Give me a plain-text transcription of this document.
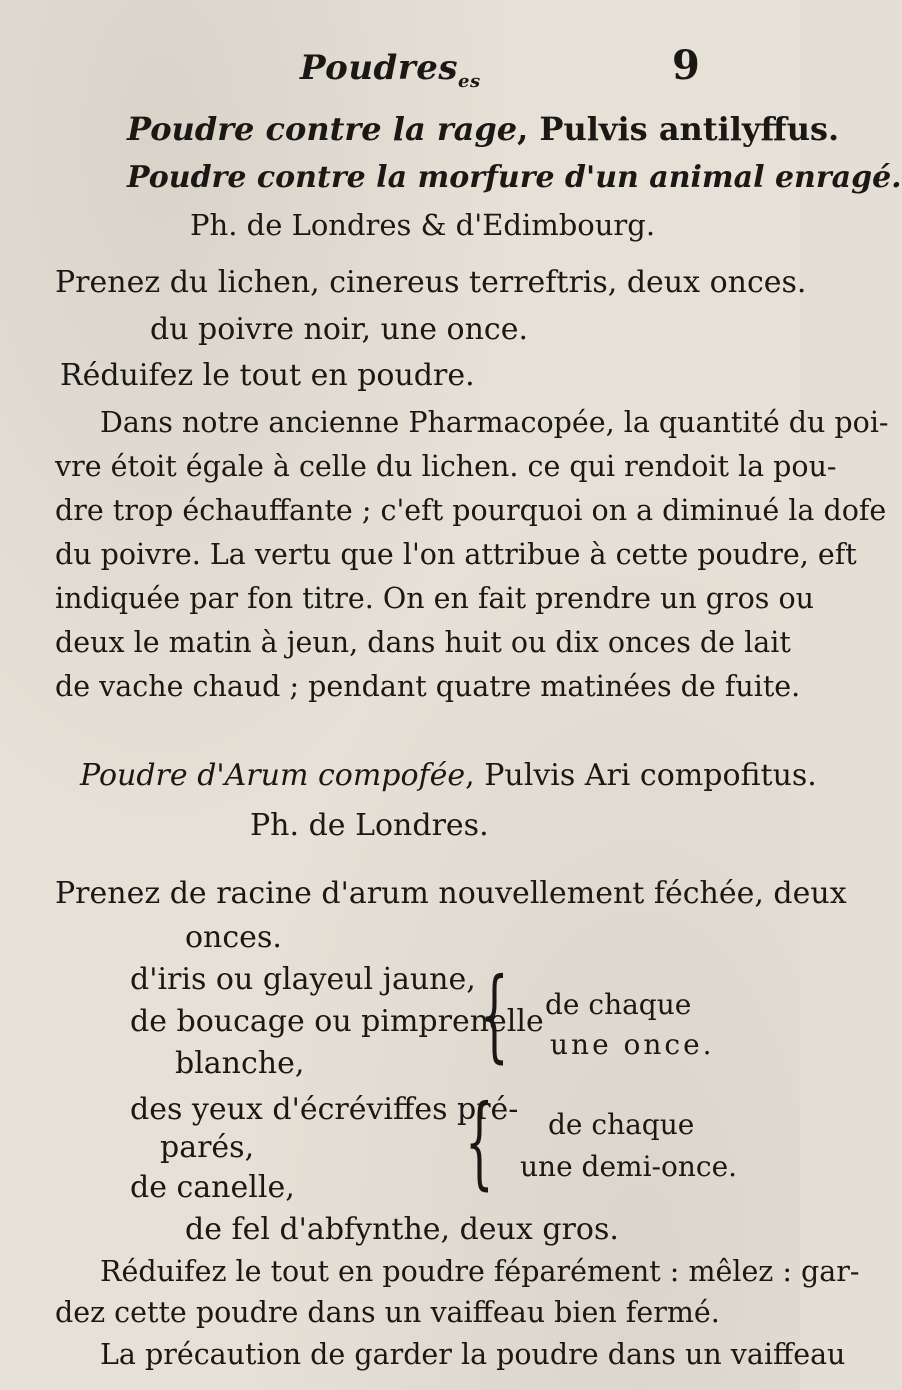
Poudres$_{es}$	9
Poudre contre la rage, Pulvis antilyffus.
Poudre contre la morfure d'un animal enragé.
Ph. de Londres & d'Edimbourg.
Prenez du lichen, cinereus terreftris, deux onces.
du poivre noir, une once.
Réduifez le tout en poudre.
Dans notre ancienne Pharmacopée, la quantité du poi-
vre étoit égale à celle du lichen. ce qui rendoit la pou-
dre trop échauffante ; c'eft pourquoi on a diminué la dofe
du poivre. La vertu que l'on attribue à cette poudre, eft
indiquée par fon titre. On en fait prendre un gros ou
deux le matin à jeun, dans huit ou dix onces de lait
de vache chaud ; pendant quatre matinées de fuite.
Poudre d'Arum compofée, Pulvis Ari compofitus.
Ph. de Londres.
Prenez de racine d'arum nouvellement féchée, deux
onces.
d'iris ou glayeul jaune,
de boucage ou pimprenelle
blanche, { de chaque
une once.
des yeux d'écréviffes pré-
parés,
de canelle, { de chaque
une demi-once.
de fel d'abfynthe, deux gros.
Réduifez le tout en poudre féparément : mêlez : gar-
dez cette poudre dans un vaiffeau bien fermé.
La précaution de garder la poudre dans un vaiffeau
